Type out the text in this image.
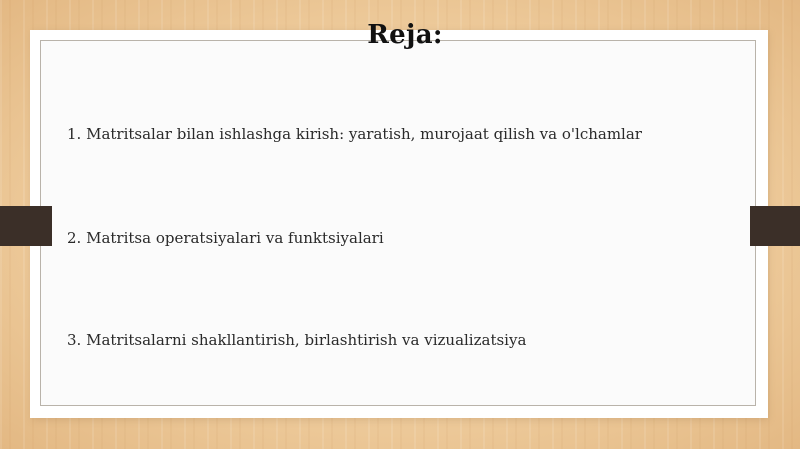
Reja:
1. Matritsalar bilan ishlashga kirish: yaratish, murojaat qilish va o'lchamlar
2. Matritsa operatsiyalari va funktsiyalari
3. Matritsalarni shakllantirish, birlashtirish va vizualizatsiya
